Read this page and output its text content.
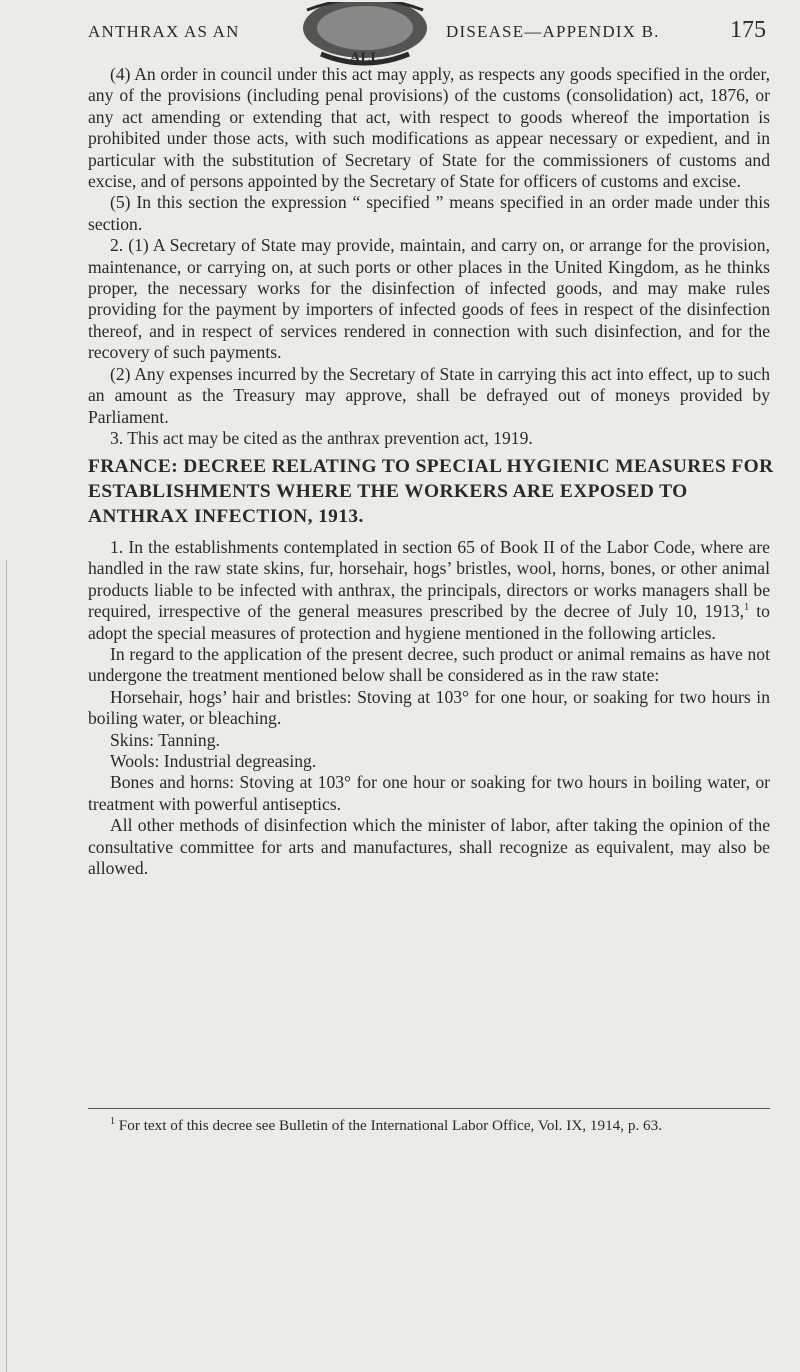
ANTHRAX AS AN
ALL
DISEASE—APPENDIX B.	175

(4) An order in council under this act may apply, as respects any goods specified in the order, any of the provisions (including penal provisions) of the customs (consolidation) act, 1876, or any act amending or extending that act, with respect to goods whereof the importation is prohibited under those acts, with such modifications as appear necessary or expedient, and in particular with the substitution of Secretary of State for the commissioners of customs and excise, and of persons appointed by the Secretary of State for officers of customs and excise.

(5) In this section the expression “ specified ” means specified in an order made under this section.

2. (1) A Secretary of State may provide, maintain, and carry on, or arrange for the provision, maintenance, or carrying on, at such ports or other places in the United Kingdom, as he thinks proper, the necessary works for the disinfection of infected goods, and may make rules providing for the payment by importers of infected goods of fees in respect of the disinfection thereof, and in respect of services rendered in connection with such disinfection, and for the recovery of such payments.

(2) Any expenses incurred by the Secretary of State in carrying this act into effect, up to such an amount as the Treasury may approve, shall be defrayed out of moneys provided by Parliament.

3. This act may be cited as the anthrax prevention act, 1919.

FRANCE: DECREE RELATING TO SPECIAL HYGIENIC MEASURES FOR ESTABLISHMENTS WHERE THE WORKERS ARE EXPOSED TO ANTHRAX INFECTION, 1913.

1. In the establishments contemplated in section 65 of Book II of the Labor Code, where are handled in the raw state skins, fur, horsehair, hogs’ bristles, wool, horns, bones, or other animal products liable to be infected with anthrax, the principals, directors or works managers shall be required, irrespective of the general measures prescribed by the decree of July 10, 1913,$^1$ to adopt the special measures of protection and hygiene mentioned in the following articles.

In regard to the application of the present decree, such product or animal remains as have not undergone the treatment mentioned below shall be considered as in the raw state:

Horsehair, hogs’ hair and bristles: Stoving at 103° for one hour, or soaking for two hours in boiling water, or bleaching.

Skins: Tanning.

Wools: Industrial degreasing.

Bones and horns: Stoving at 103° for one hour or soaking for two hours in boiling water, or treatment with powerful antiseptics.

All other methods of disinfection which the minister of labor, after taking the opinion of the consultative committee for arts and manufactures, shall recognize as equivalent, may also be allowed.

$^1$ For text of this decree see Bulletin of the International Labor Office, Vol. IX, 1914, p. 63.
